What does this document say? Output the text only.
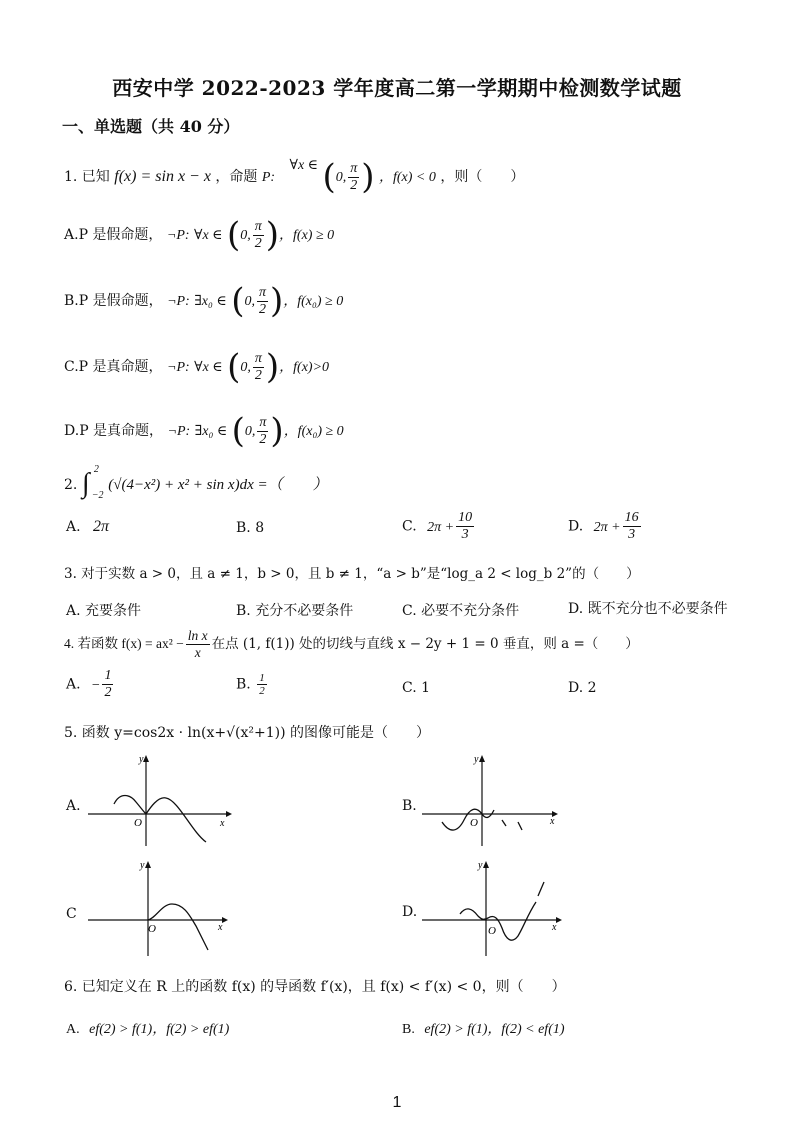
西安中学 2022-2023 学年度高二第一学期期中检测数学试题
一、单选题（共 40 分）
1. 已知 f(x) = sin x − x ，命题 P: ∀x ∈ (0, $\frac{\pi}{2}$ ) ，f(x) < 0 ，则（　　）
A.P 是假命题， ¬P: ∀x ∈ (0, $\frac{\pi}{2}$ )，f(x) ≥ 0
B.P 是假命题， ¬P: ∃x₀ ∈ (0, $\frac{\pi}{2}$ )，f(x₀) ≥ 0
C.P 是真命题， ¬P: ∀x ∈ (0, $\frac{\pi}{2}$ )，f(x)>0
D.P 是真命题， ¬P: ∃x₀ ∈ (0, $\frac{\pi}{2}$ )，f(x₀) ≥ 0
2. ∫ 2
−2
(√(4−x²) + x² + sin x)dx =（　　）
A. 2π	B. 8	C. $2\pi + \frac{10}{3}$	D. $2\pi + \frac{16}{3}$
3. 对于实数 a > 0，且 a ≠ 1，b > 0，且 b ≠ 1，“a > b”是“log_a 2 < log_b 2”的（　　）
A. 充要条件	B. 充分不必要条件	C. 必要不充分条件	D. 既不充分也不必要条件
4. 若函数 $f(x) = ax^2 - \frac{\text{ln x}}{x}$ 在点 (1, f(1)) 处的切线与直线 x − 2y + 1 = 0 垂直，则 a =（　　）
A. − $\frac{1}{2}$	B. $\frac{1}{2}$	C. 1	D. 2
5. 函数 y=cos2x · ln(x+√(x²+1)) 的图像可能是（　　）
A.
y
x
O
B.
y
x
O
C
y
x
O
D.
y
x
O
6. 已知定义在 R 上的函数 f(x) 的导函数 f′(x)，且 f(x) < f′(x) < 0，则（　　）
A. ef(2) > f(1)，f(2) > ef(1)	B. ef(2) > f(1)，f(2) < ef(1)
1
